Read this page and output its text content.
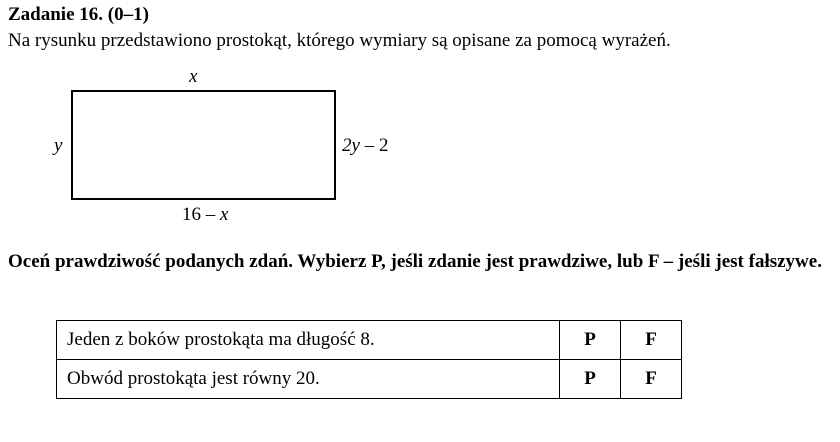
Zadanie 16. (0–1)

Na rysunku przedstawiono prostokąt, którego wymiary są opisane za pomocą wyrażeń.

x
y	2y – 2
16 – x

Oceń prawdziwość podanych zdań. Wybierz P, jeśli zdanie jest prawdziwe, lub F – jeśli jest fałszywe.

Jeden z boków prostokąta ma długość 8.	P	F
Obwód prostokąta jest równy 20.	P	F
